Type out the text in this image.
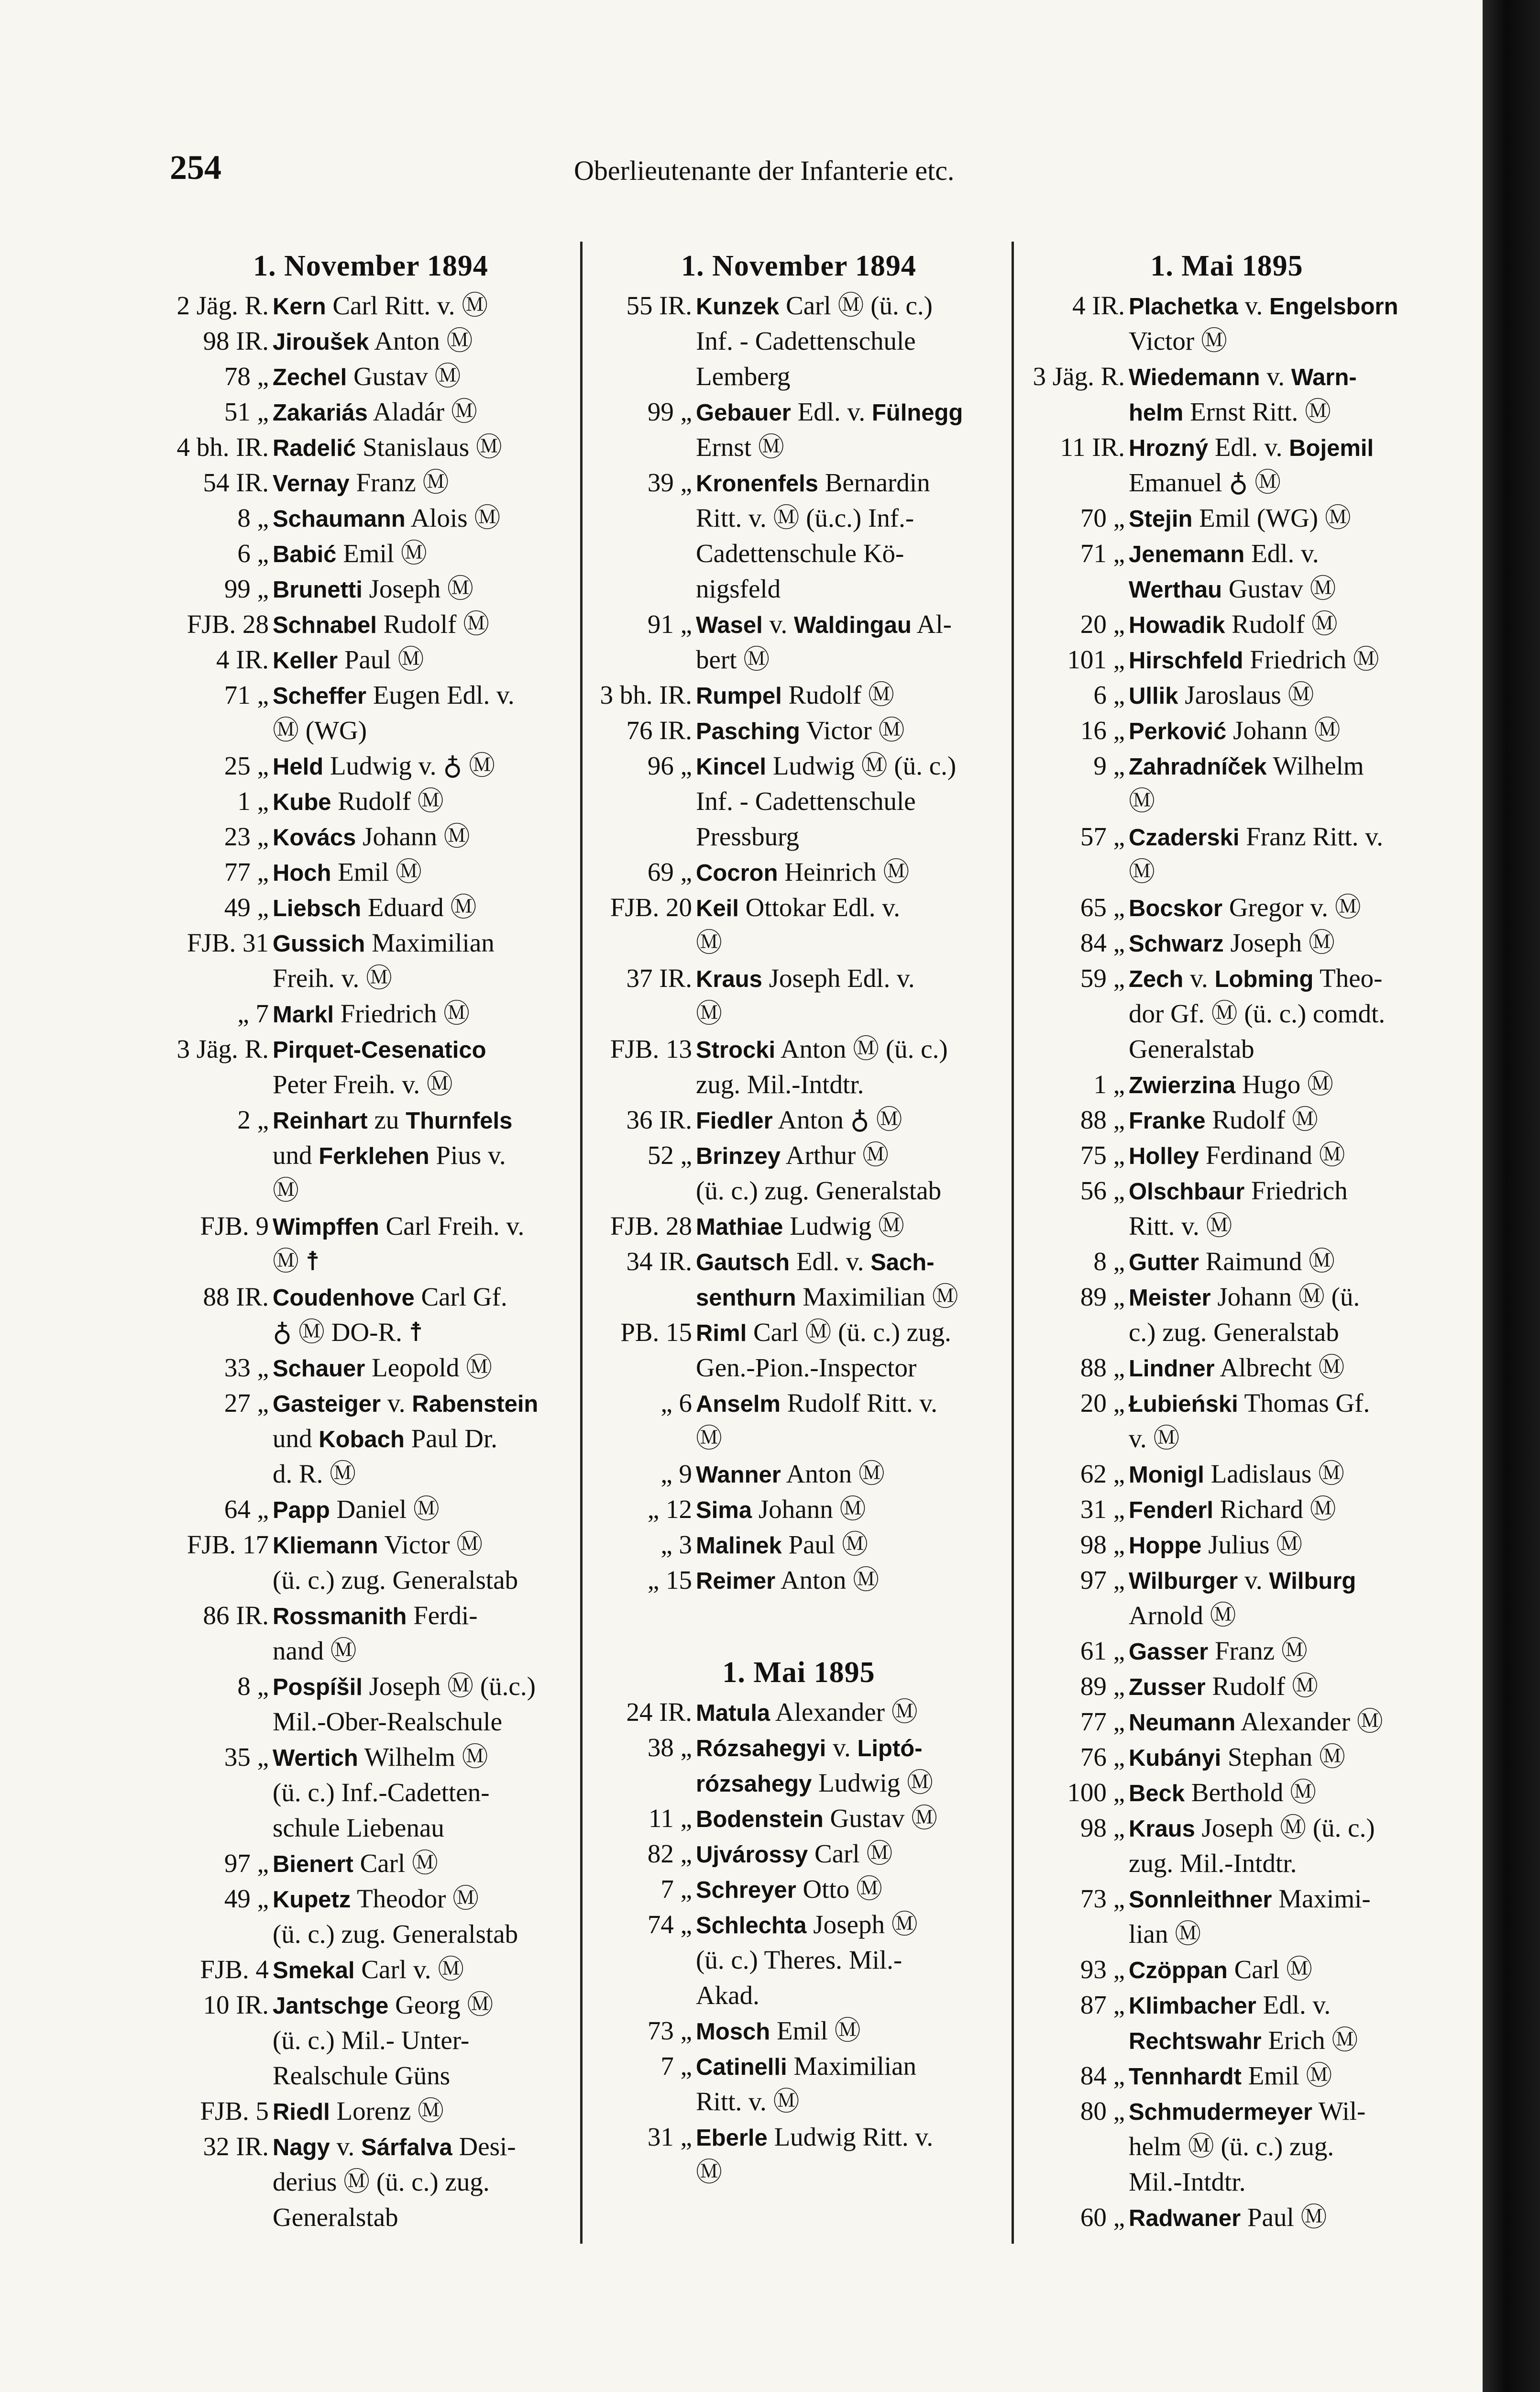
254	Oberlieutenante der Infanterie etc.
1. November 1894
2 Jäg. R. Kern Carl Ritt. v. Ⓜ
98 IR. Jiroušek Anton Ⓜ
78 „ Zechel Gustav Ⓜ
51 „ Zakariás Aladár Ⓜ
4 bh. IR. Radelić Stanislaus Ⓜ
54 IR. Vernay Franz Ⓜ
8 „ Schaumann Alois Ⓜ
6 „ Babić Emil Ⓜ
99 „ Brunetti Joseph Ⓜ
FJB. 28 Schnabel Rudolf Ⓜ
4 IR. Keller Paul Ⓜ
71 „ Scheffer Eugen Edl. v.
Ⓜ (WG)
25 „ Held Ludwig v. ♁ Ⓜ
1 „ Kube Rudolf Ⓜ
23 „ Kovács Johann Ⓜ
77 „ Hoch Emil Ⓜ
49 „ Liebsch Eduard Ⓜ
FJB. 31 Gussich Maximilian
Freih. v. Ⓜ
„ 7 Markl Friedrich Ⓜ
3 Jäg. R. Pirquet-Cesenatico
Peter Freih. v. Ⓜ
2 „ Reinhart zu Thurnfels
und Ferklehen Pius v.
Ⓜ
FJB. 9 Wimpffen Carl Freih. v.
Ⓜ ☨
88 IR. Coudenhove Carl Gf.
♁ Ⓜ DO-R. ☨
33 „ Schauer Leopold Ⓜ
27 „ Gasteiger v. Rabenstein
und Kobach Paul Dr.
d. R. Ⓜ
64 „ Papp Daniel Ⓜ
FJB. 17 Kliemann Victor Ⓜ
(ü. c.) zug. Generalstab
86 IR. Rossmanith Ferdi-
nand Ⓜ
8 „ Pospíšil Joseph Ⓜ (ü.c.)
Mil.-Ober-Realschule
35 „ Wertich Wilhelm Ⓜ
(ü. c.) Inf.-Cadetten-
schule Liebenau
97 „ Bienert Carl Ⓜ
49 „ Kupetz Theodor Ⓜ
(ü. c.) zug. Generalstab
FJB. 4 Smekal Carl v. Ⓜ
10 IR. Jantschge Georg Ⓜ
(ü. c.) Mil.- Unter-
Realschule Güns
FJB. 5 Riedl Lorenz Ⓜ
32 IR. Nagy v. Sárfalva Desi-
derius Ⓜ (ü. c.) zug.
Generalstab
1. November 1894
55 IR. Kunzek Carl Ⓜ (ü. c.)
Inf. - Cadettenschule
Lemberg
99 „ Gebauer Edl. v. Fülnegg
Ernst Ⓜ
39 „ Kronenfels Bernardin
Ritt. v. Ⓜ (ü.c.) Inf.-
Cadettenschule Kö-
nigsfeld
91 „ Wasel v. Waldingau Al-
bert Ⓜ
3 bh. IR. Rumpel Rudolf Ⓜ
76 IR. Pasching Victor Ⓜ
96 „ Kincel Ludwig Ⓜ (ü. c.)
Inf. - Cadettenschule
Pressburg
69 „ Cocron Heinrich Ⓜ
FJB. 20 Keil Ottokar Edl. v.
Ⓜ
37 IR. Kraus Joseph Edl. v.
Ⓜ
FJB. 13 Strocki Anton Ⓜ (ü. c.)
zug. Mil.-Intdtr.
36 IR. Fiedler Anton ♁ Ⓜ
52 „ Brinzey Arthur Ⓜ
(ü. c.) zug. Generalstab
FJB. 28 Mathiae Ludwig Ⓜ
34 IR. Gautsch Edl. v. Sach-
senthurn Maximilian Ⓜ
PB. 15 Riml Carl Ⓜ (ü. c.) zug.
Gen.-Pion.-Inspector
„ 6 Anselm Rudolf Ritt. v.
Ⓜ
„ 9 Wanner Anton Ⓜ
„ 12 Sima Johann Ⓜ
„ 3 Malinek Paul Ⓜ
„ 15 Reimer Anton Ⓜ
1. Mai 1895
24 IR. Matula Alexander Ⓜ
38 „ Rózsahegyi v. Liptó-
rózsahegy Ludwig Ⓜ
11 „ Bodenstein Gustav Ⓜ
82 „ Ujvárossy Carl Ⓜ
7 „ Schreyer Otto Ⓜ
74 „ Schlechta Joseph Ⓜ
(ü. c.) Theres. Mil.-
Akad.
73 „ Mosch Emil Ⓜ
7 „ Catinelli Maximilian
Ritt. v. Ⓜ
31 „ Eberle Ludwig Ritt. v.
Ⓜ
1. Mai 1895
4 IR. Plachetka v. Engelsborn
Victor Ⓜ
3 Jäg. R. Wiedemann v. Warn-
helm Ernst Ritt. Ⓜ
11 IR. Hrozný Edl. v. Bojemil
Emanuel ♁ Ⓜ
70 „ Stejin Emil (WG) Ⓜ
71 „ Jenemann Edl. v.
Werthau Gustav Ⓜ
20 „ Howadik Rudolf Ⓜ
101 „ Hirschfeld Friedrich Ⓜ
6 „ Ullik Jaroslaus Ⓜ
16 „ Perković Johann Ⓜ
9 „ Zahradníček Wilhelm
Ⓜ
57 „ Czaderski Franz Ritt. v.
Ⓜ
65 „ Bocskor Gregor v. Ⓜ
84 „ Schwarz Joseph Ⓜ
59 „ Zech v. Lobming Theo-
dor Gf. Ⓜ (ü. c.) comdt.
Generalstab
1 „ Zwierzina Hugo Ⓜ
88 „ Franke Rudolf Ⓜ
75 „ Holley Ferdinand Ⓜ
56 „ Olschbaur Friedrich
Ritt. v. Ⓜ
8 „ Gutter Raimund Ⓜ
89 „ Meister Johann Ⓜ (ü.
c.) zug. Generalstab
88 „ Lindner Albrecht Ⓜ
20 „ Łubieński Thomas Gf.
v. Ⓜ
62 „ Monigl Ladislaus Ⓜ
31 „ Fenderl Richard Ⓜ
98 „ Hoppe Julius Ⓜ
97 „ Wilburger v. Wilburg
Arnold Ⓜ
61 „ Gasser Franz Ⓜ
89 „ Zusser Rudolf Ⓜ
77 „ Neumann Alexander Ⓜ
76 „ Kubányi Stephan Ⓜ
100 „ Beck Berthold Ⓜ
98 „ Kraus Joseph Ⓜ (ü. c.)
zug. Mil.-Intdtr.
73 „ Sonnleithner Maximi-
lian Ⓜ
93 „ Czöppan Carl Ⓜ
87 „ Klimbacher Edl. v.
Rechtswahr Erich Ⓜ
84 „ Tennhardt Emil Ⓜ
80 „ Schmudermeyer Wil-
helm Ⓜ (ü. c.) zug.
Mil.-Intdtr.
60 „ Radwaner Paul Ⓜ
